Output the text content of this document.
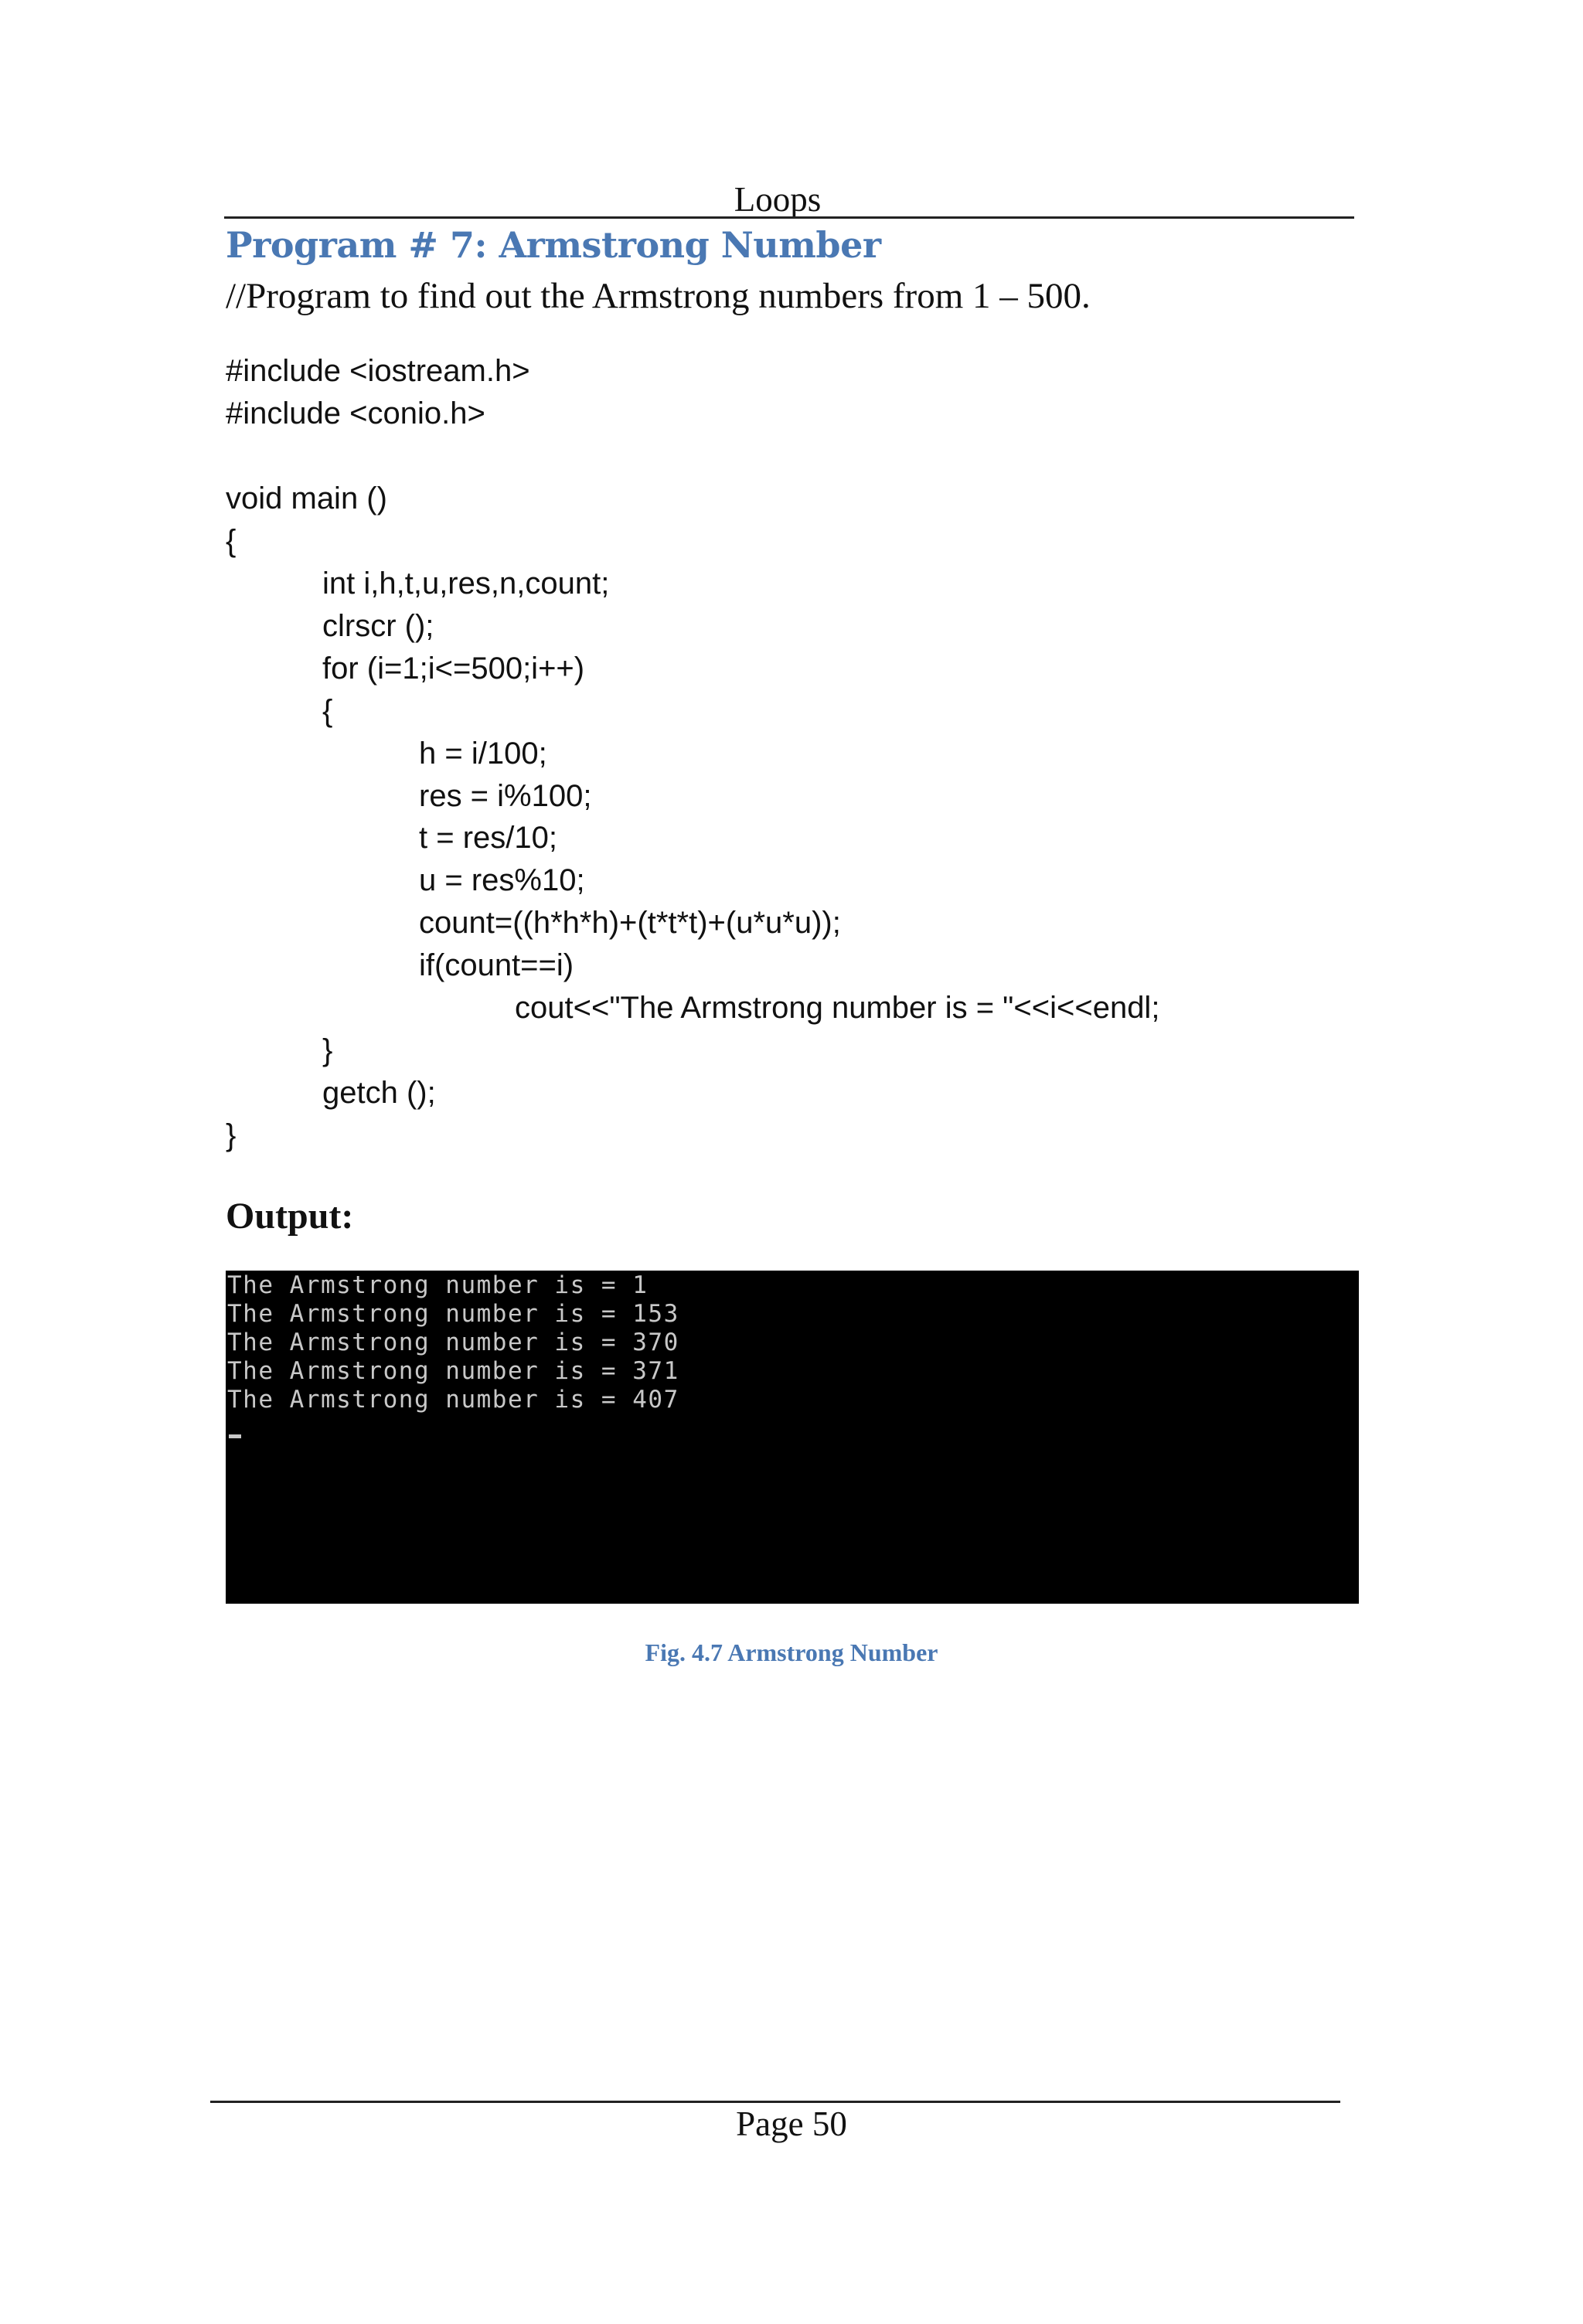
Loops
Program # 7: Armstrong Number
//Program to find out the Armstrong numbers from 1 – 500.
#include <iostream.h>
#include <conio.h>
void main ()
{
int i,h,t,u,res,n,count;
clrscr ();
for (i=1;i<=500;i++)
{
h = i/100;
res = i%100;
t = res/10;
u = res%10;
count=((h*h*h)+(t*t*t)+(u*u*u));
if(count==i)
cout<<"The Armstrong number is = "<<i<<endl;
}
getch ();
}
Output:
The Armstrong number is = 1
The Armstrong number is = 153
The Armstrong number is = 370
The Armstrong number is = 371
The Armstrong number is = 407
Fig. 4.7 Armstrong Number
Page 50
